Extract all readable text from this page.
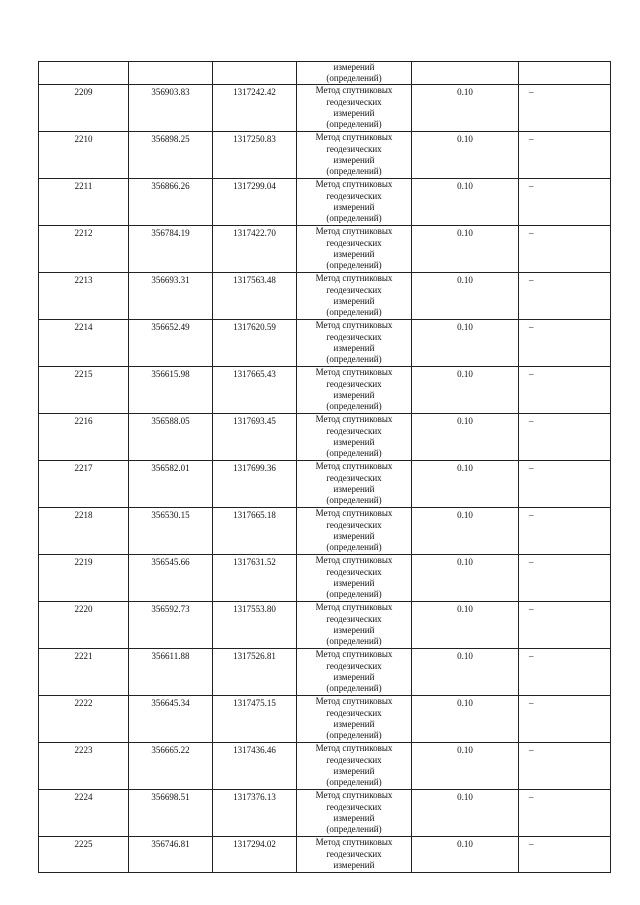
			измерений
(определений)		

2209	356903.83	1317242.42	Метод спутниковых
геодезических
измерений
(определений)	0.10	–
2210	356898.25	1317250.83	Метод спутниковых
геодезических
измерений
(определений)	0.10	–
2211	356866.26	1317299.04	Метод спутниковых
геодезических
измерений
(определений)	0.10	–
2212	356784.19	1317422.70	Метод спутниковых
геодезических
измерений
(определений)	0.10	–
2213	356693.31	1317563.48	Метод спутниковых
геодезических
измерений
(определений)	0.10	–
2214	356652.49	1317620.59	Метод спутниковых
геодезических
измерений
(определений)	0.10	–
2215	356615.98	1317665.43	Метод спутниковых
геодезических
измерений
(определений)	0.10	–
2216	356588.05	1317693.45	Метод спутниковых
геодезических
измерений
(определений)	0.10	–
2217	356582.01	1317699.36	Метод спутниковых
геодезических
измерений
(определений)	0.10	–
2218	356530.15	1317665.18	Метод спутниковых
геодезических
измерений
(определений)	0.10	–
2219	356545.66	1317631.52	Метод спутниковых
геодезических
измерений
(определений)	0.10	–
2220	356592.73	1317553.80	Метод спутниковых
геодезических
измерений
(определений)	0.10	–
2221	356611.88	1317526.81	Метод спутниковых
геодезических
измерений
(определений)	0.10	–
2222	356645.34	1317475.15	Метод спутниковых
геодезических
измерений
(определений)	0.10	–
2223	356665.22	1317436.46	Метод спутниковых
геодезических
измерений
(определений)	0.10	–
2224	356698.51	1317376.13	Метод спутниковых
геодезических
измерений
(определений)	0.10	–
2225	356746.81	1317294.02	Метод спутниковых
геодезических
измерений	0.10	–
